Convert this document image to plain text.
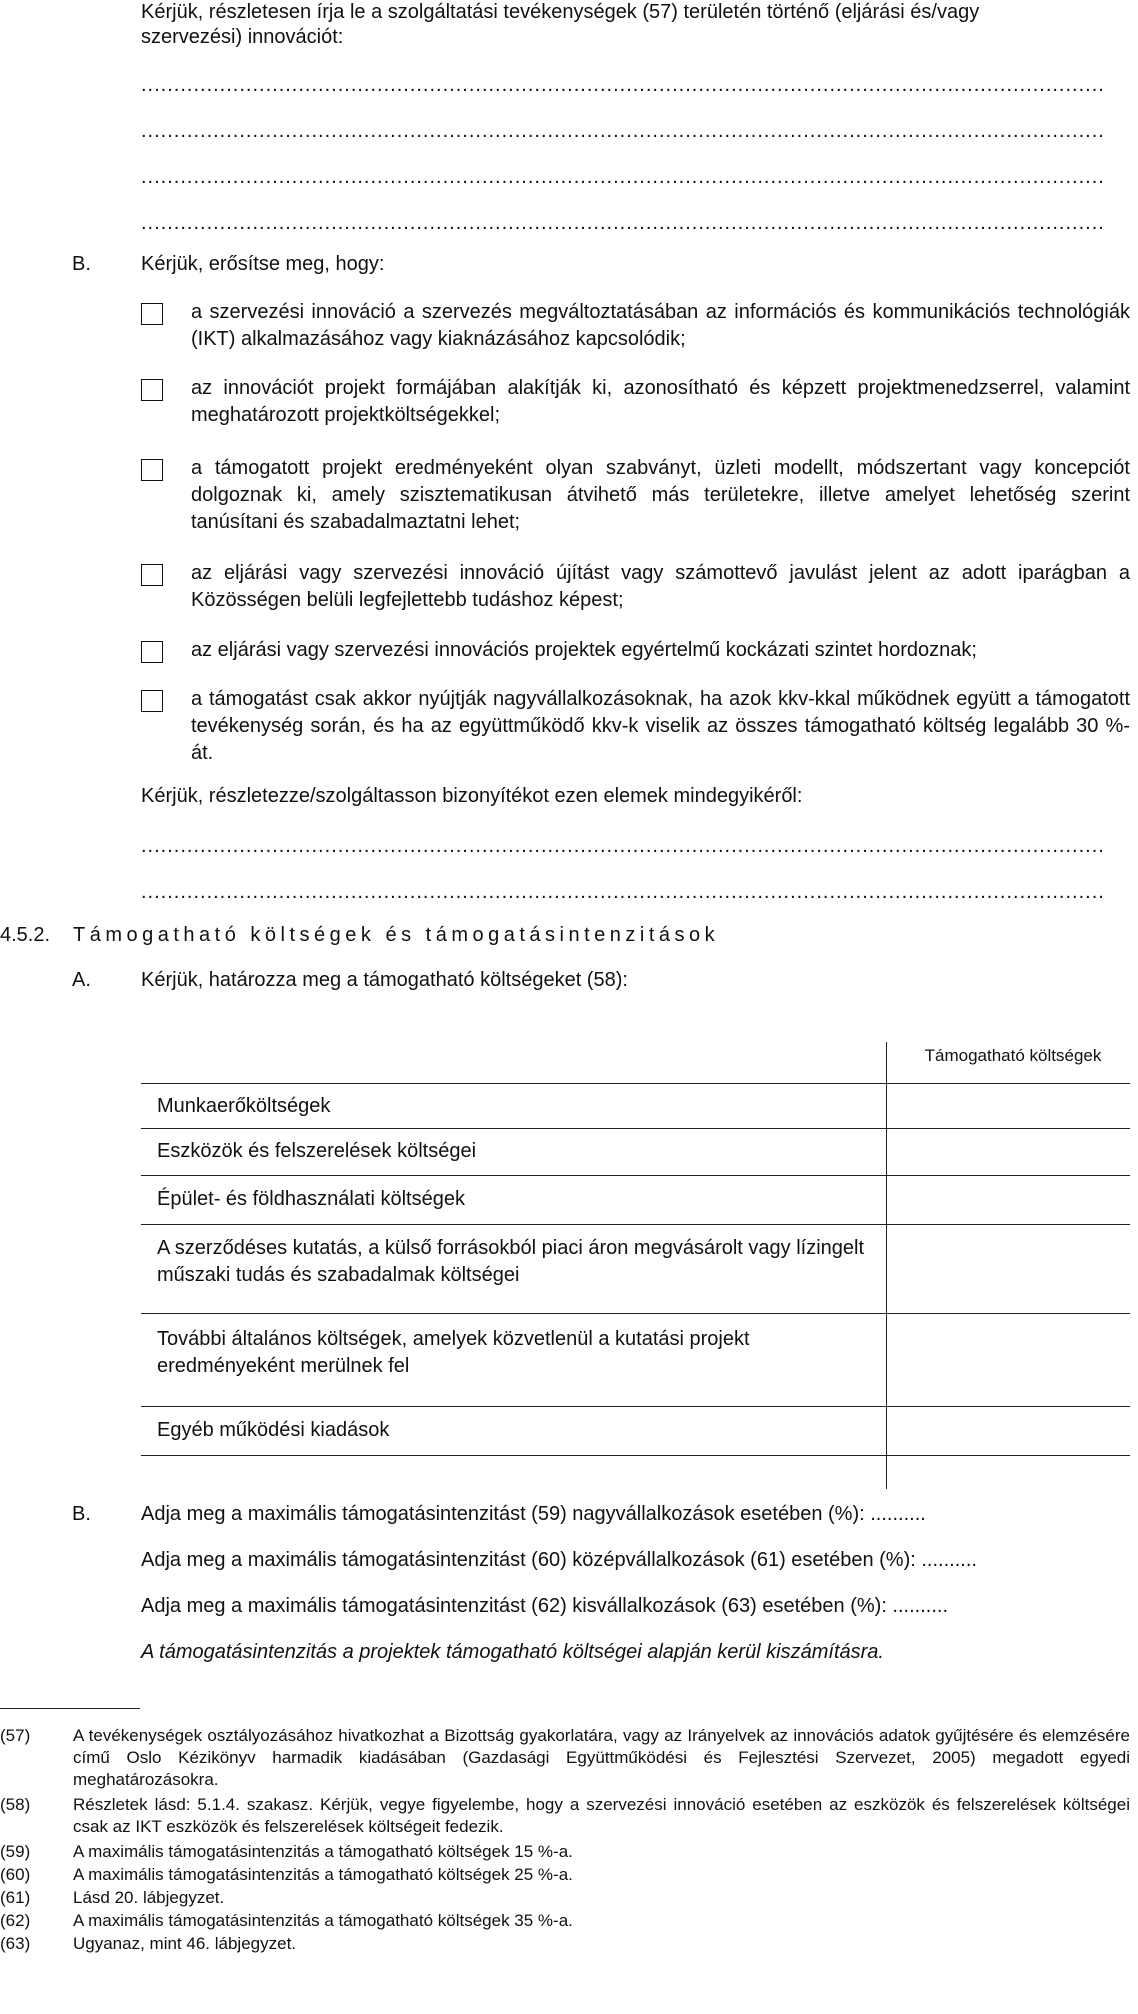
Kérjük, részletesen írja le a szolgáltatási tevékenységek (57) területén történő (eljárási és/vagy
szervezési) innovációt:
...................................................................................................................................................
...................................................................................................................................................
...................................................................................................................................................
...................................................................................................................................................
B.	Kérjük, erősítse meg, hogy:
a szervezési innováció a szervezés megváltoztatásában az információs és kommunikációs technológiák (IKT) alkalmazásához vagy kiaknázásához kapcsolódik;
az innovációt projekt formájában alakítják ki, azonosítható és képzett projektmenedzserrel, valamint meghatározott projektköltségekkel;
a támogatott projekt eredményeként olyan szabványt, üzleti modellt, módszertant vagy koncepciót dolgoznak ki, amely szisztematikusan átvihető más területekre, illetve amelyet lehetőség szerint tanúsítani és szabadalmaztatni lehet;
az eljárási vagy szervezési innováció újítást vagy számottevő javulást jelent az adott iparágban a Közösségen belüli legfejlettebb tudáshoz képest;
az eljárási vagy szervezési innovációs projektek egyértelmű kockázati szintet hordoznak;
a támogatást csak akkor nyújtják nagyvállalkozásoknak, ha azok kkv-kkal működnek együtt a támogatott tevékenység során, és ha az együttműködő kkv-k viselik az összes támogatható költség legalább 30 %-át.
Kérjük, részletezze/szolgáltasson bizonyítékot ezen elemek mindegyikéről:
...................................................................................................................................................
...................................................................................................................................................
4.5.2. Támogatható költségek és támogatásintenzitások
A.	Kérjük, határozza meg a támogatható költségeket (58):
Támogatható költségek
Munkaerőköltségek
Eszközök és felszerelések költségei
Épület- és földhasználati költségek
A szerződéses kutatás, a külső forrásokból piaci áron megvásárolt vagy lízingelt műszaki tudás és szabadalmak költségei
További általános költségek, amelyek közvetlenül a kutatási projekt eredményeként merülnek fel
Egyéb működési kiadások
B.	Adja meg a maximális támogatásintenzitást (59) nagyvállalkozások esetében (%): ..........
Adja meg a maximális támogatásintenzitást (60) középvállalkozások (61) esetében (%): ..........
Adja meg a maximális támogatásintenzitást (62) kisvállalkozások (63) esetében (%): ..........
A támogatásintenzitás a projektek támogatható költségei alapján kerül kiszámításra.
(57)	A tevékenységek osztályozásához hivatkozhat a Bizottság gyakorlatára, vagy az Irányelvek az innovációs adatok gyűjtésére és elemzésére című Oslo Kézikönyv harmadik kiadásában (Gazdasági Együttműködési és Fejlesztési Szervezet, 2005) megadott egyedi meghatározásokra.
(58)	Részletek lásd: 5.1.4. szakasz. Kérjük, vegye figyelembe, hogy a szervezési innováció esetében az eszközök és felszerelések költségei csak az IKT eszközök és felszerelések költségeit fedezik.
(59)	A maximális támogatásintenzitás a támogatható költségek 15 %-a.
(60)	A maximális támogatásintenzitás a támogatható költségek 25 %-a.
(61)	Lásd 20. lábjegyzet.
(62)	A maximális támogatásintenzitás a támogatható költségek 35 %-a.
(63)	Ugyanaz, mint 46. lábjegyzet.
